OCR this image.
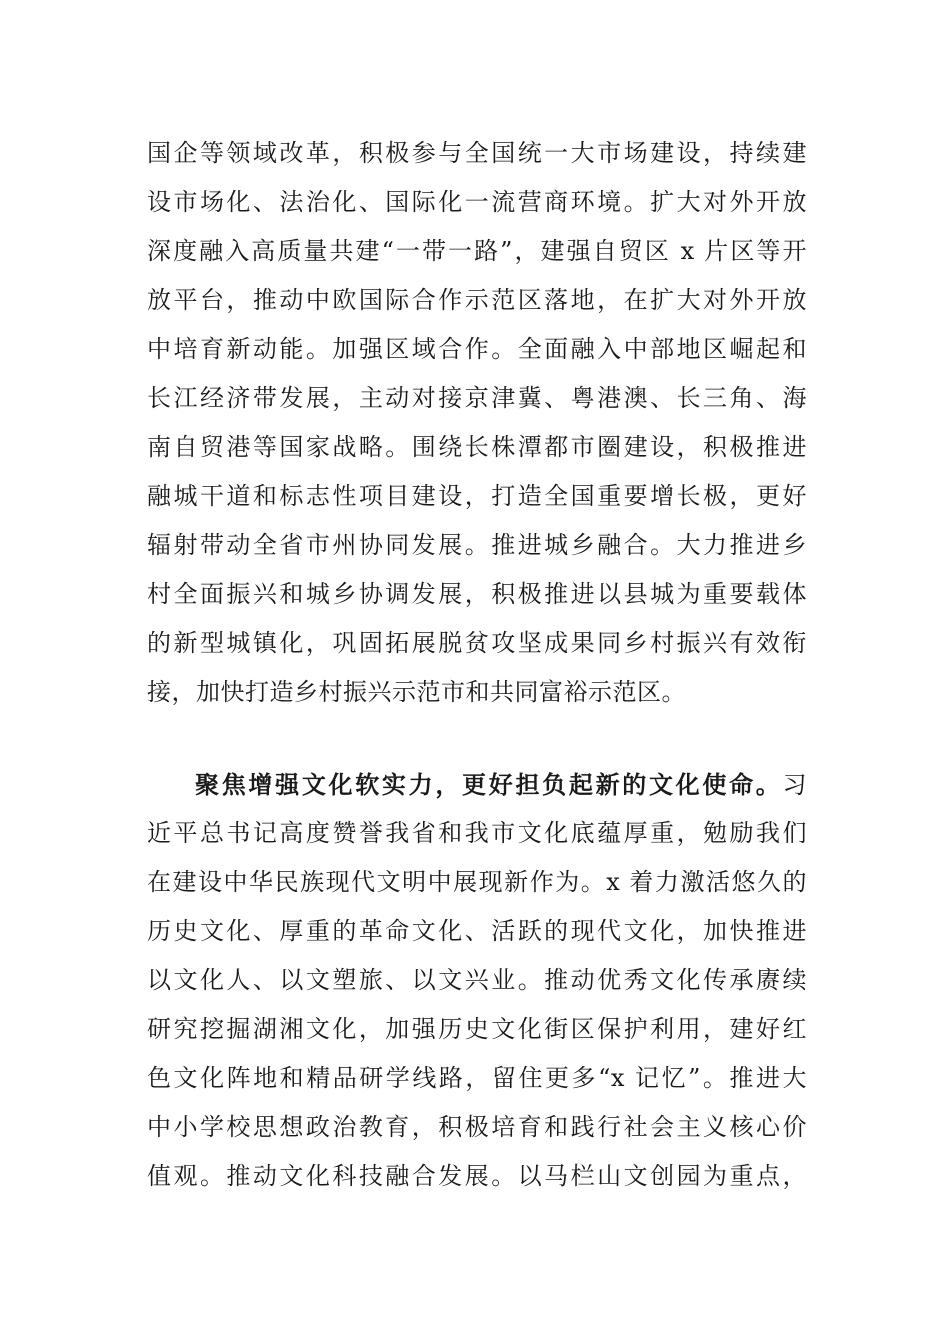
国企等领域改革，积极参与全国统一大市场建设，持续建
设市场化、法治化、国际化一流营商环境。扩大对外开放
深度融入高质量共建“一带一路”，建强自贸区 x 片区等开
放平台，推动中欧国际合作示范区落地，在扩大对外开放
中培育新动能。加强区域合作。全面融入中部地区崛起和
长江经济带发展，主动对接京津冀、粤港澳、长三角、海
南自贸港等国家战略。围绕长株潭都市圈建设，积极推进
融城干道和标志性项目建设，打造全国重要增长极，更好
辐射带动全省市州协同发展。推进城乡融合。大力推进乡
村全面振兴和城乡协调发展，积极推进以县城为重要载体
的新型城镇化，巩固拓展脱贫攻坚成果同乡村振兴有效衔
接，加快打造乡村振兴示范市和共同富裕示范区。
聚焦增强文化软实力，更好担负起新的文化使命。习
近平总书记高度赞誉我省和我市文化底蕴厚重，勉励我们
在建设中华民族现代文明中展现新作为。x 着力激活悠久的
历史文化、厚重的革命文化、活跃的现代文化，加快推进
以文化人、以文塑旅、以文兴业。推动优秀文化传承赓续
研究挖掘湖湘文化，加强历史文化街区保护利用，建好红
色文化阵地和精品研学线路，留住更多“x 记忆”。推进大
中小学校思想政治教育，积极培育和践行社会主义核心价
值观。推动文化科技融合发展。以马栏山文创园为重点，
